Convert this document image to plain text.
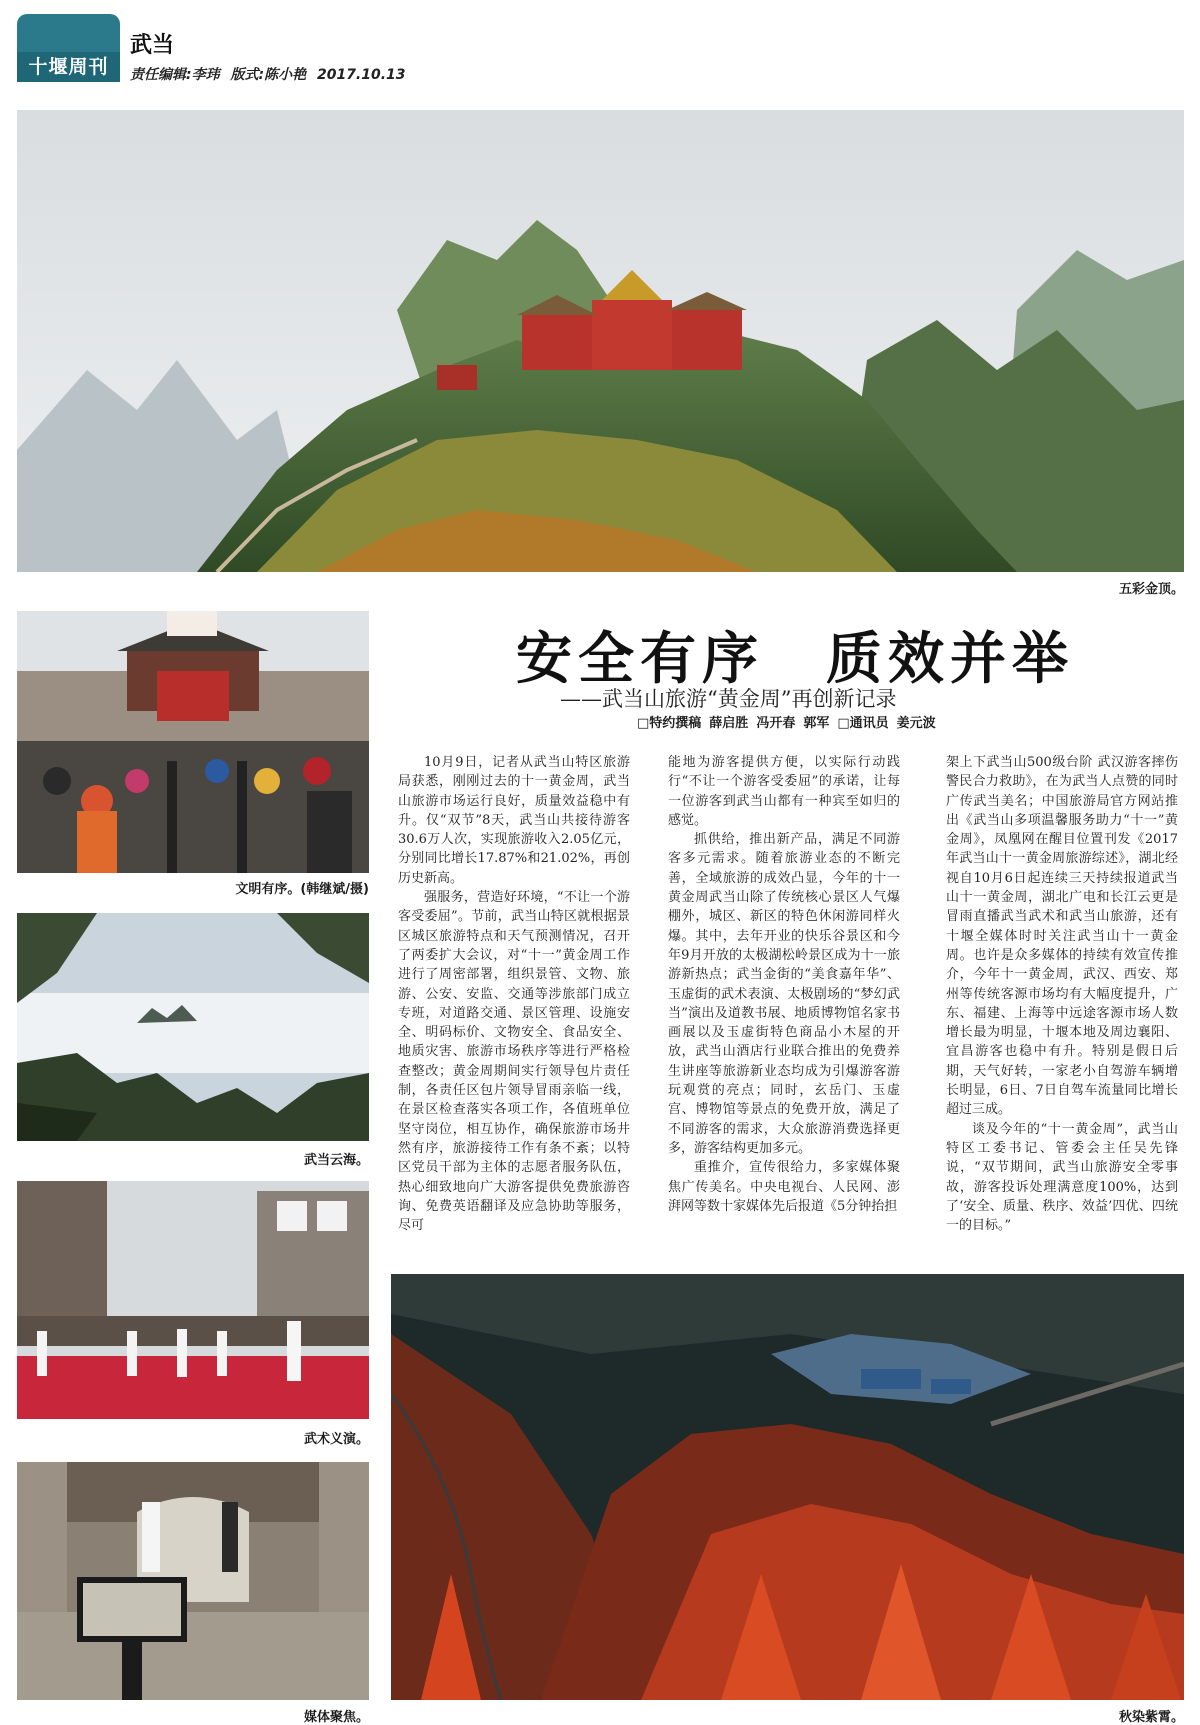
十堰周刊
武当
责任编辑:李玮 版式:陈小艳 2017.10.13
五彩金顶。
文明有序。(韩继斌/摄)
武当云海。
武术义演。
媒体聚焦。
安全有序　质效并举
——武当山旅游“黄金周”再创新记录
□特约撰稿 薛启胜 冯开春 郭军 □通讯员 姜元波

10月9日，记者从武当山特区旅游局获悉，刚刚过去的十一黄金周，武当山旅游市场运行良好，质量效益稳中有升。仅“双节”8天，武当山共接待游客30.6万人次，实现旅游收入2.05亿元，分别同比增长17.87%和21.02%，再创历史新高。

强服务，营造好环境，“不让一个游客受委屈”。节前，武当山特区就根据景区城区旅游特点和天气预测情况，召开了两委扩大会议，对“十一”黄金周工作进行了周密部署，组织景管、文物、旅游、公安、安监、交通等涉旅部门成立专班，对道路交通、景区管理、设施安全、明码标价、文物安全、食品安全、地质灾害、旅游市场秩序等进行严格检查整改；黄金周期间实行领导包片责任制，各责任区包片领导冒雨亲临一线，在景区检查落实各项工作，各值班单位坚守岗位，相互协作，确保旅游市场井然有序，旅游接待工作有条不紊；以特区党员干部为主体的志愿者服务队伍，热心细致地向广大游客提供免费旅游咨询、免费英语翻译及应急协助等服务，尽可

能地为游客提供方便，以实际行动践行“不让一个游客受委屈”的承诺，让每一位游客到武当山都有一种宾至如归的感觉。

抓供给，推出新产品，满足不同游客多元需求。随着旅游业态的不断完善，全域旅游的成效凸显，今年的十一黄金周武当山除了传统核心景区人气爆棚外，城区、新区的特色休闲游同样火爆。其中，去年开业的快乐谷景区和今年9月开放的太极湖松岭景区成为十一旅游新热点；武当金街的“美食嘉年华”、玉虚街的武术表演、太极剧场的“梦幻武当”演出及道教书展、地质博物馆名家书画展以及玉虚街特色商品小木屋的开放，武当山酒店行业联合推出的免费养生讲座等旅游新业态均成为引爆游客游玩观赏的亮点；同时，玄岳门、玉虚宫、博物馆等景点的免费开放，满足了不同游客的需求，大众旅游消费选择更多，游客结构更加多元。

重推介，宣传很给力，多家媒体聚焦广传美名。中央电视台、人民网、澎湃网等数十家媒体先后报道《5分钟抬担

架上下武当山500级台阶 武汉游客摔伤警民合力救助》，在为武当人点赞的同时广传武当美名；中国旅游局官方网站推出《武当山多项温馨服务助力“十一”黄金周》，凤凰网在醒目位置刊发《2017年武当山十一黄金周旅游综述》，湖北经视自10月6日起连续三天持续报道武当山十一黄金周，湖北广电和长江云更是冒雨直播武当武术和武当山旅游，还有十堰全媒体时时关注武当山十一黄金周。也许是众多媒体的持续有效宣传推介，今年十一黄金周，武汉、西安、郑州等传统客源市场均有大幅度提升，广东、福建、上海等中远途客源市场人数增长最为明显，十堰本地及周边襄阳、宜昌游客也稳中有升。特别是假日后期，天气好转，一家老小自驾游车辆增长明显，6日、7日自驾车流量同比增长超过三成。

谈及今年的“十一黄金周”，武当山特区工委书记、管委会主任吴先锋说，“双节期间，武当山旅游安全零事故，游客投诉处理满意度100%，达到了‘安全、质量、秩序、效益’四优、四统一的目标。”

秋染紫霄。
